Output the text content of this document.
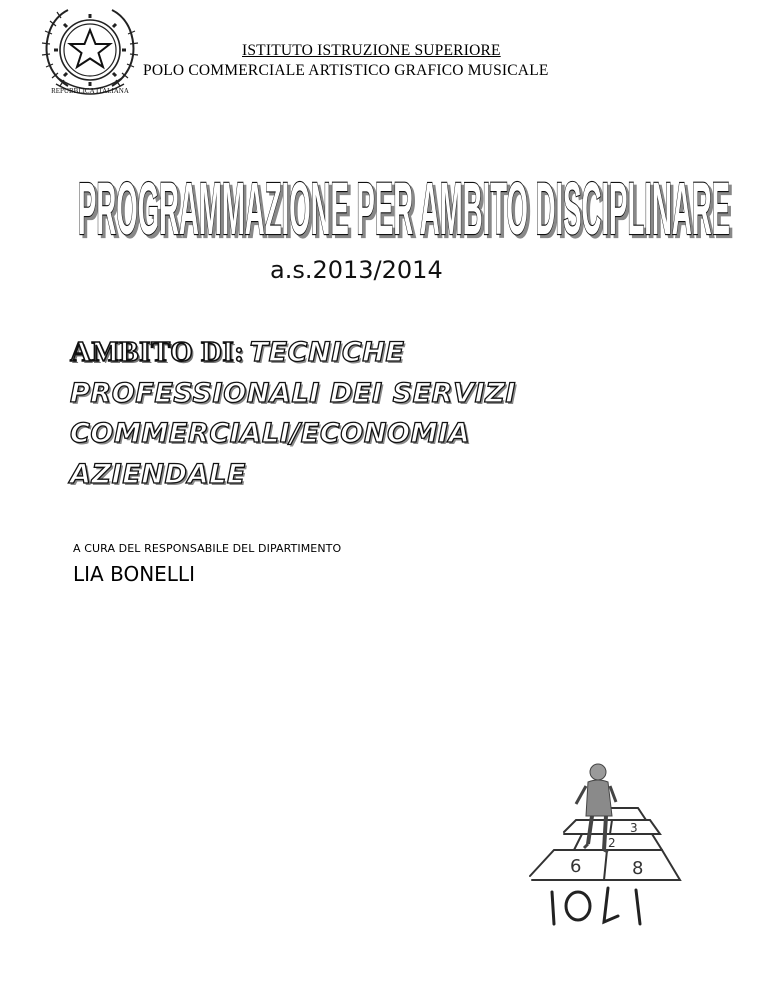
REPUBBLICA ITALIANA
ISTITUTO ISTRUZIONE SUPERIORE
POLO COMMERCIALE ARTISTICO GRAFICO MUSICALE
PROGRAMMAZIONE PER AMBITO DISCIPLINARE
a.s.2013/2014
AMBITO DI: TECNICHE PROFESSIONALI DEI SERVIZI COMMERCIALI/ECONOMIA AZIENDALE
A CURA DEL RESPONSABILE DEL DIPARTIMENTO
LIA BONELLI
3
2
6	8
